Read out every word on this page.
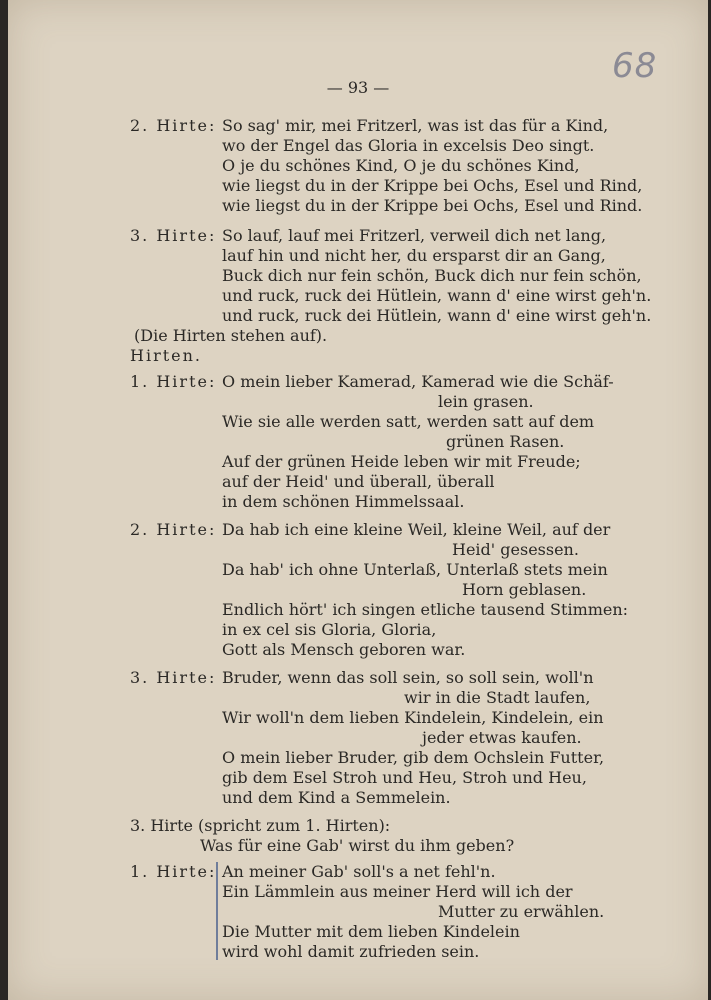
68
— 93 —
2. Hirte: So sag' mir, mei Fritzerl, was ist das für a Kind,
wo der Engel das Gloria in excelsis Deo singt.
O je du schönes Kind, O je du schönes Kind,
wie liegst du in der Krippe bei Ochs, Esel und Rind,
wie liegst du in der Krippe bei Ochs, Esel und Rind.
3. Hirte: So lauf, lauf mei Fritzerl, verweil dich net lang,
lauf hin und nicht her, du ersparst dir an Gang,
Buck dich nur fein schön, Buck dich nur fein schön,
und ruck, ruck dei Hütlein, wann d' eine wirst geh'n.
und ruck, ruck dei Hütlein, wann d' eine wirst geh'n.
(Die Hirten stehen auf).
Hirten.
1. Hirte: O mein lieber Kamerad, Kamerad wie die Schäf-
lein grasen.
Wie sie alle werden satt, werden satt auf dem
grünen Rasen.
Auf der grünen Heide leben wir mit Freude;
auf der Heid' und überall, überall
in dem schönen Himmelssaal.
2. Hirte: Da hab ich eine kleine Weil, kleine Weil, auf der
Heid' gesessen.
Da hab' ich ohne Unterlaß, Unterlaß stets mein
Horn geblasen.
Endlich hört' ich singen etliche tausend Stimmen:
in ex cel sis Gloria, Gloria,
Gott als Mensch geboren war.
3. Hirte: Bruder, wenn das soll sein, so soll sein, woll'n
wir in die Stadt laufen,
Wir woll'n dem lieben Kindelein, Kindelein, ein
jeder etwas kaufen.
O mein lieber Bruder, gib dem Ochslein Futter,
gib dem Esel Stroh und Heu, Stroh und Heu,
und dem Kind a Semmelein.
3. Hirte (spricht zum 1. Hirten):
Was für eine Gab' wirst du ihm geben?
1. Hirte: An meiner Gab' soll's a net fehl'n.
Ein Lämmlein aus meiner Herd will ich der
Mutter zu erwählen.
Die Mutter mit dem lieben Kindelein
wird wohl damit zufrieden sein.
